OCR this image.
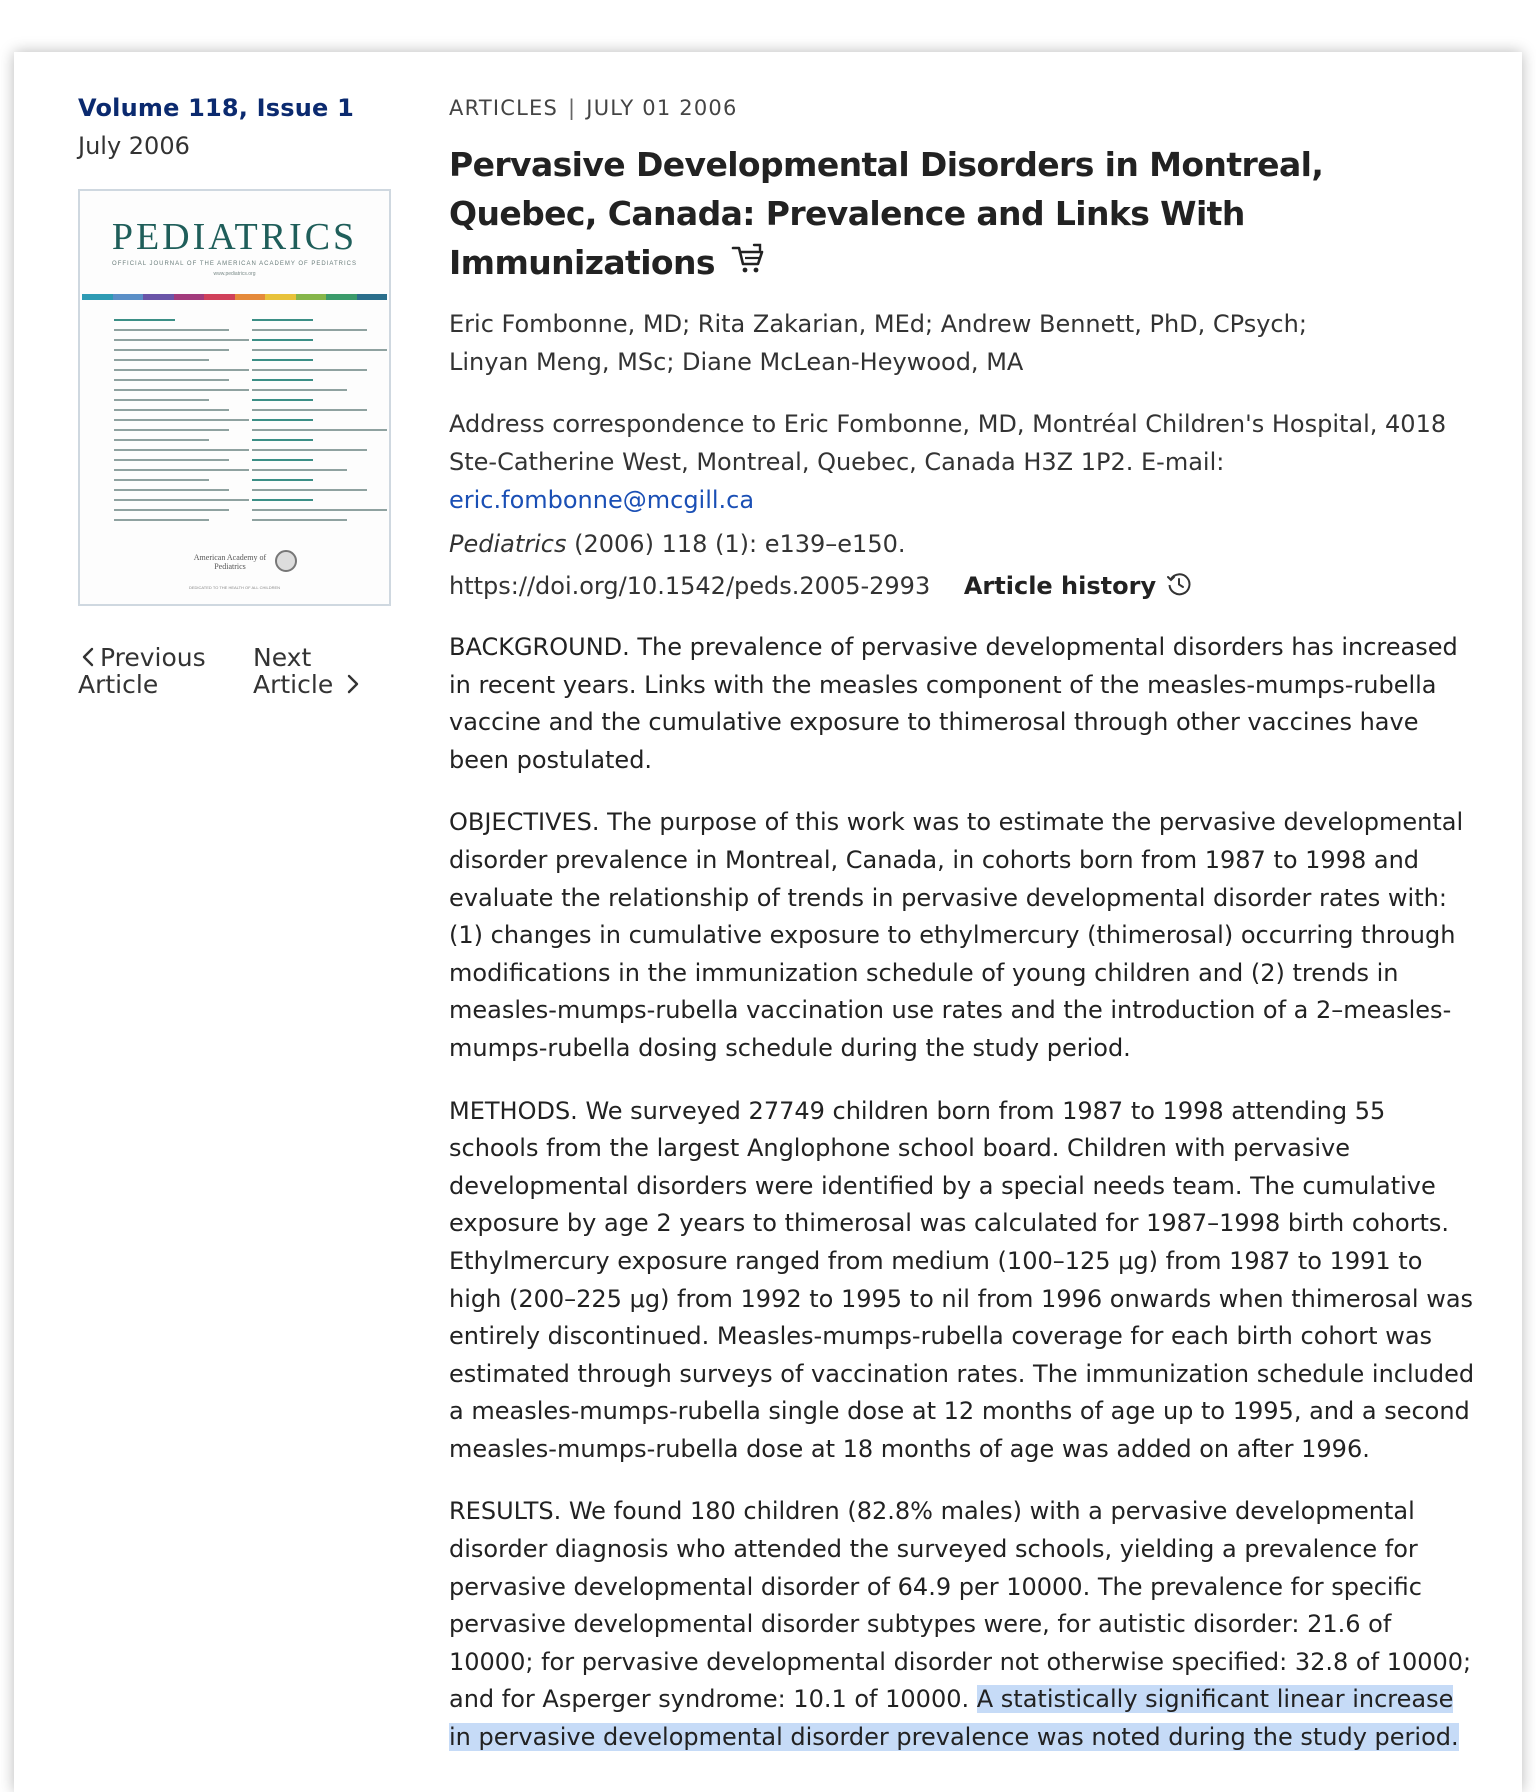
Volume 118, Issue 1
July 2006
PEDIATRICS
OFFICIAL JOURNAL OF THE AMERICAN ACADEMY OF PEDIATRICS
www.pediatrics.org
American Academy of Pediatrics
DEDICATED TO THE HEALTH OF ALL CHILDREN
Previous
Article
Next
Article
ARTICLES | JULY 01 2006
Pervasive Developmental Disorders in Montreal, Quebec, Canada: Prevalence and Links With Immunizations
Eric Fombonne, MD; Rita Zakarian, MEd; Andrew Bennett, PhD, CPsych;
Linyan Meng, MSc; Diane McLean-Heywood, MA
Address correspondence to Eric Fombonne, MD, Montréal Children's Hospital, 4018 Ste-Catherine West, Montreal, Quebec, Canada H3Z 1P2. E-mail:
eric.fombonne@mcgill.ca
Pediatrics (2006) 118 (1): e139–e150.
https://doi.org/10.1542/peds.2005-2993 Article history

BACKGROUND. The prevalence of pervasive developmental disorders has increased in recent years. Links with the measles component of the measles-mumps-rubella vaccine and the cumulative exposure to thimerosal through other vaccines have been postulated.

OBJECTIVES. The purpose of this work was to estimate the pervasive developmental disorder prevalence in Montreal, Canada, in cohorts born from 1987 to 1998 and evaluate the relationship of trends in pervasive developmental disorder rates with: (1) changes in cumulative exposure to ethylmercury (thimerosal) occurring through modifications in the immunization schedule of young children and (2) trends in measles-mumps-rubella vaccination use rates and the introduction of a 2–measles-mumps-rubella dosing schedule during the study period.

METHODS. We surveyed 27749 children born from 1987 to 1998 attending 55 schools from the largest Anglophone school board. Children with pervasive developmental disorders were identified by a special needs team. The cumulative exposure by age 2 years to thimerosal was calculated for 1987–1998 birth cohorts. Ethylmercury exposure ranged from medium (100–125 μg) from 1987 to 1991 to high (200–225 μg) from 1992 to 1995 to nil from 1996 onwards when thimerosal was entirely discontinued. Measles-mumps-rubella coverage for each birth cohort was estimated through surveys of vaccination rates. The immunization schedule included a measles-mumps-rubella single dose at 12 months of age up to 1995, and a second measles-mumps-rubella dose at 18 months of age was added on after 1996.

RESULTS. We found 180 children (82.8% males) with a pervasive developmental disorder diagnosis who attended the surveyed schools, yielding a prevalence for pervasive developmental disorder of 64.9 per 10000. The prevalence for specific pervasive developmental disorder subtypes were, for autistic disorder: 21.6 of 10000; for pervasive developmental disorder not otherwise specified: 32.8 of 10000; and for Asperger syndrome: 10.1 of 10000. A statistically significant linear increase in pervasive developmental disorder prevalence was noted during the study period.
